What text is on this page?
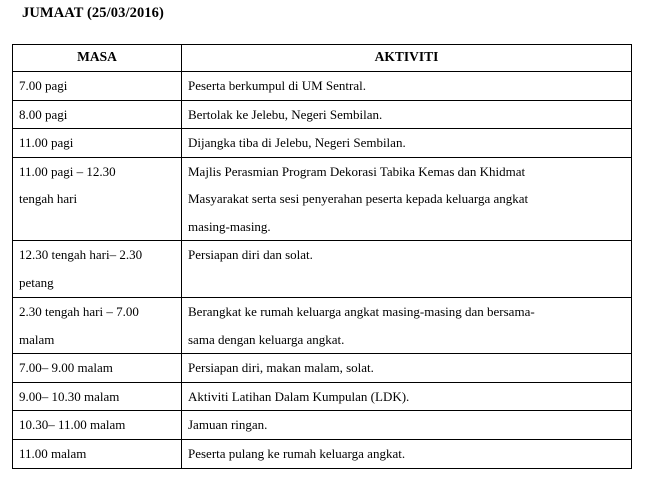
JUMAAT (25/03/2016)
MASA	AKTIVITI

7.00 pagi	Peserta berkumpul di UM Sentral.

8.00 pagi	Bertolak ke Jelebu, Negeri Sembilan.

11.00 pagi	Dijangka tiba di Jelebu, Negeri Sembilan.

11.00 pagi – 12.30
tengah hari	Majlis Perasmian Program Dekorasi Tabika Kemas dan Khidmat
Masyarakat serta sesi penyerahan peserta kepada keluarga angkat
masing-masing.

12.30 tengah hari– 2.30
petang	Persiapan diri dan solat.

2.30 tengah hari – 7.00
malam	Berangkat ke rumah keluarga angkat masing-masing dan bersama-
sama dengan keluarga angkat.

7.00– 9.00 malam	Persiapan diri, makan malam, solat.

9.00– 10.30 malam	Aktiviti Latihan Dalam Kumpulan (LDK).

10.30– 11.00 malam	Jamuan ringan.

11.00 malam	Peserta pulang ke rumah keluarga angkat.
